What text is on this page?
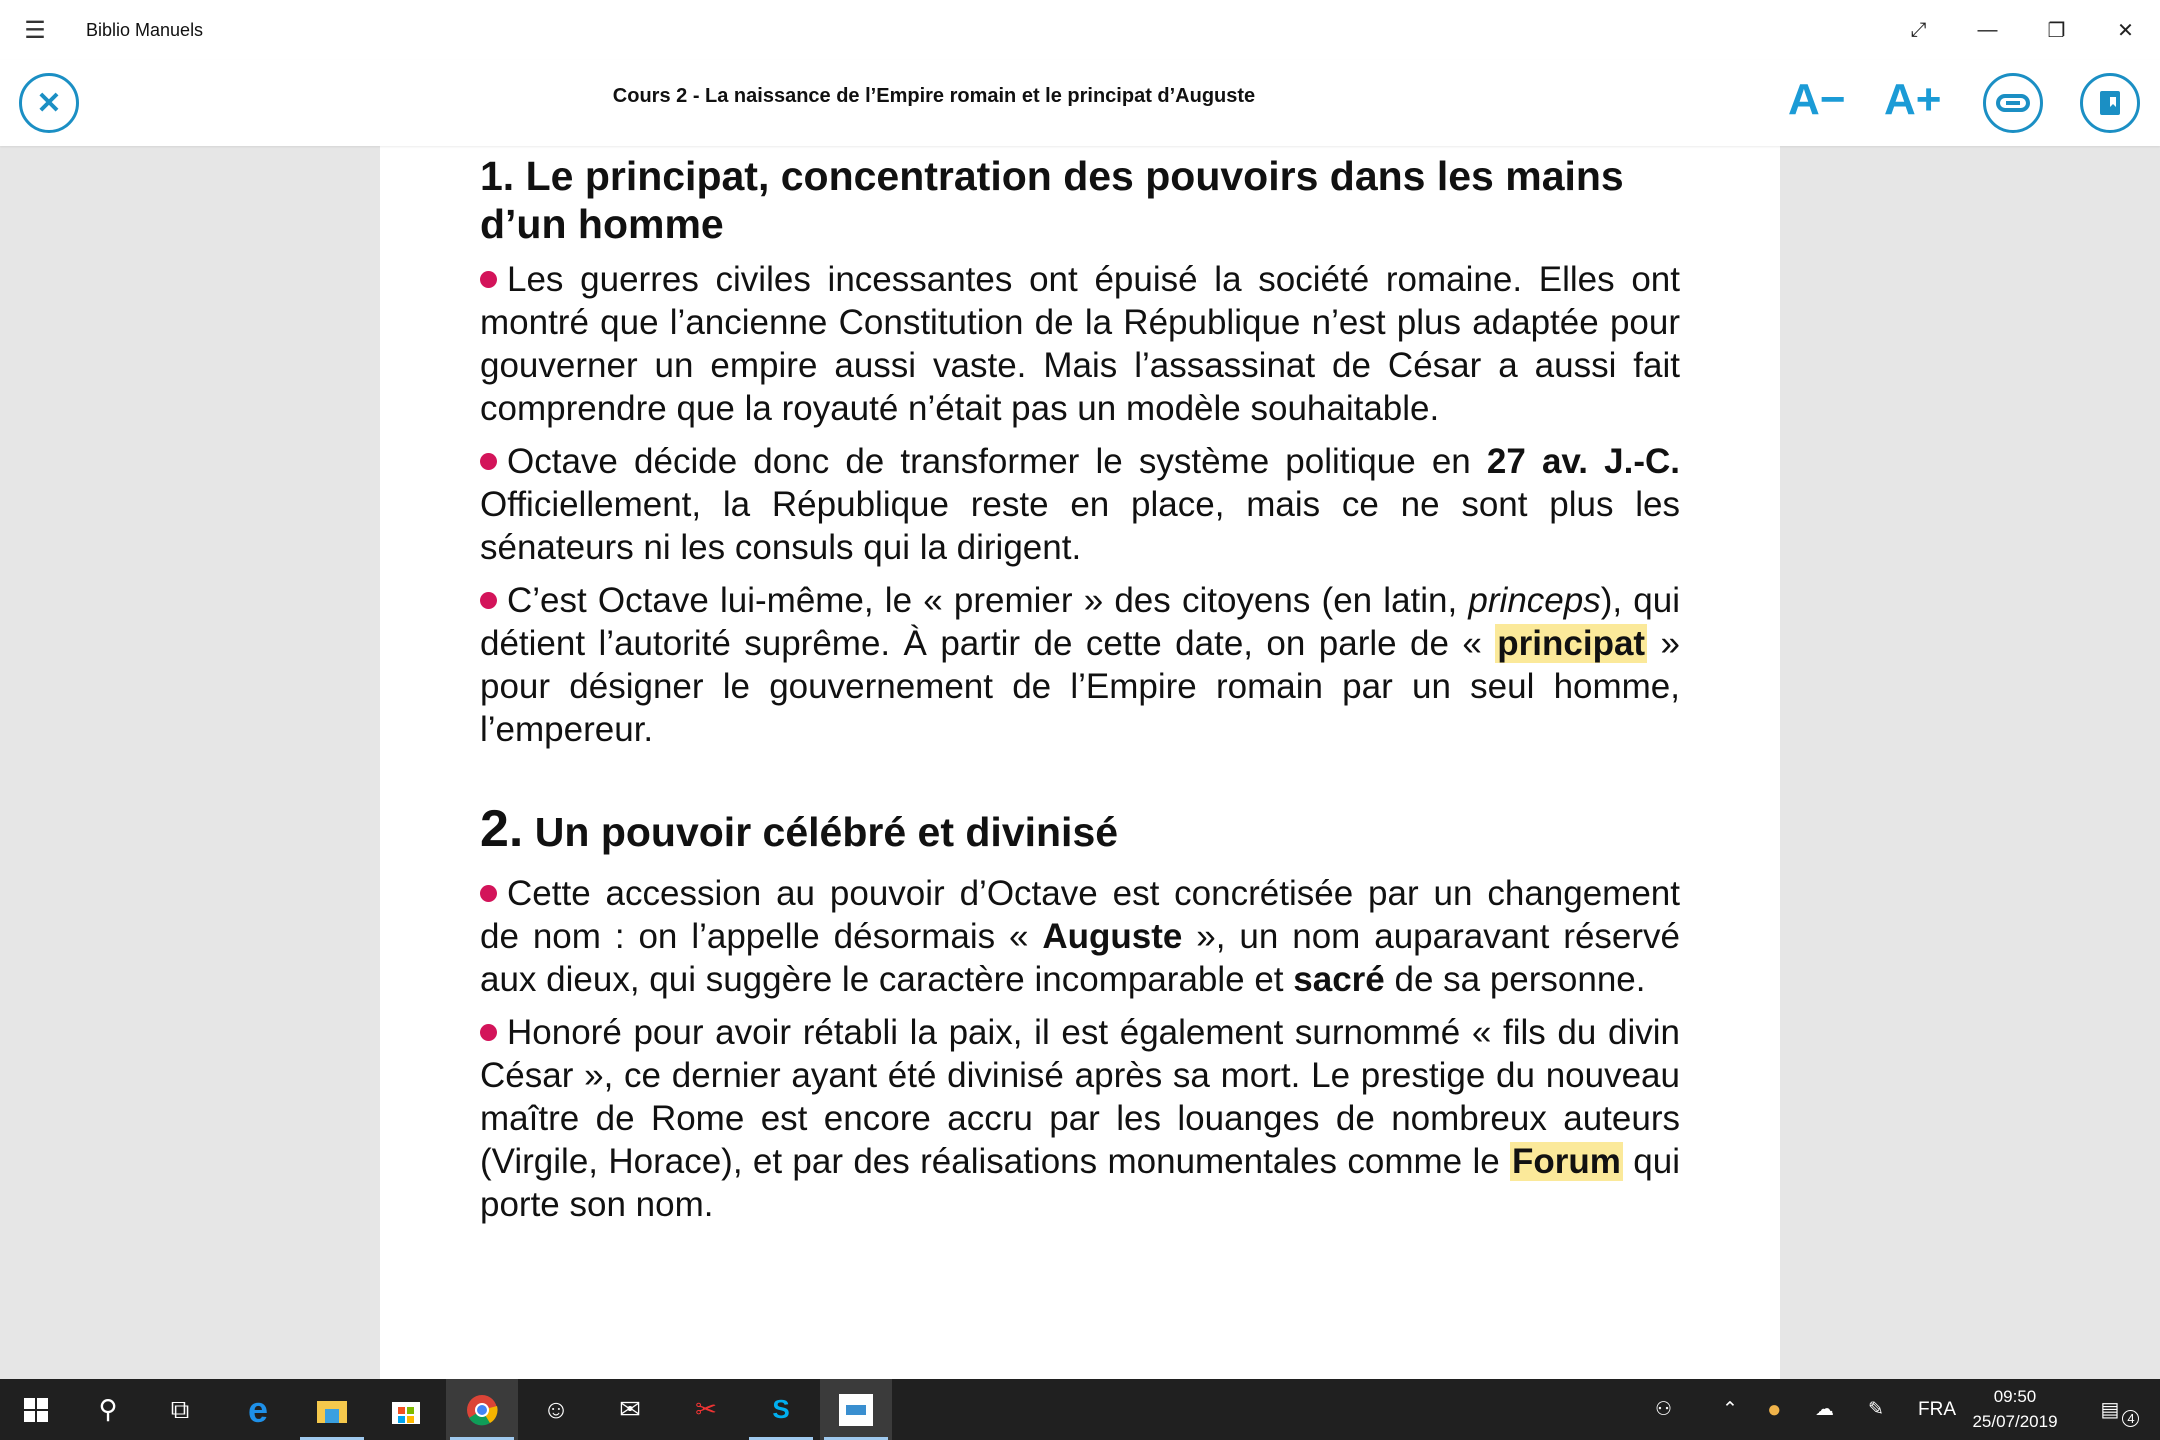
☰	Biblio Manuels	⤢	—	❐	✕
✕	Cours 2 - La naissance de l’Empire romain et le principat d’Auguste	A− A+
1. Le principat, concentration des pouvoirs dans les mains d’un homme

Les guerres civiles incessantes ont épuisé la société romaine. Elles ont montré que l’ancienne Constitution de la République n’est plus adaptée pour gouverner un empire aussi vaste. Mais l’assassinat de César a aussi fait comprendre que la royauté n’était pas un modèle souhaitable.

Octave décide donc de transformer le système politique en 27 av. J.-C. Officiellement, la République reste en place, mais ce ne sont plus les sénateurs ni les consuls qui la dirigent.

C’est Octave lui-même, le « premier » des citoyens (en latin, princeps), qui détient l’autorité suprême. À partir de cette date, on parle de « principat » pour désigner le gouvernement de l’Empire romain par un seul homme, l’empereur.

2. Un pouvoir célébré et divinisé

Cette accession au pouvoir d’Octave est concrétisée par un changement de nom : on l’appelle désormais « Auguste », un nom auparavant réservé aux dieux, qui suggère le caractère incomparable et sacré de sa personne.

Honoré pour avoir rétabli la paix, il est également surnommé « fils du divin César », ce dernier ayant été divinisé après sa mort. Le prestige du nouveau maître de Rome est encore accru par les louanges de nombreux auteurs (Virgile, Horace), et par des réalisations monumentales comme le Forum qui porte son nom.

⚲	⧉	e	☺	✉	✂	S	⚇	⌃ ● ☁ ✎ FRA
09:50
25/07/2019
▤ 4
